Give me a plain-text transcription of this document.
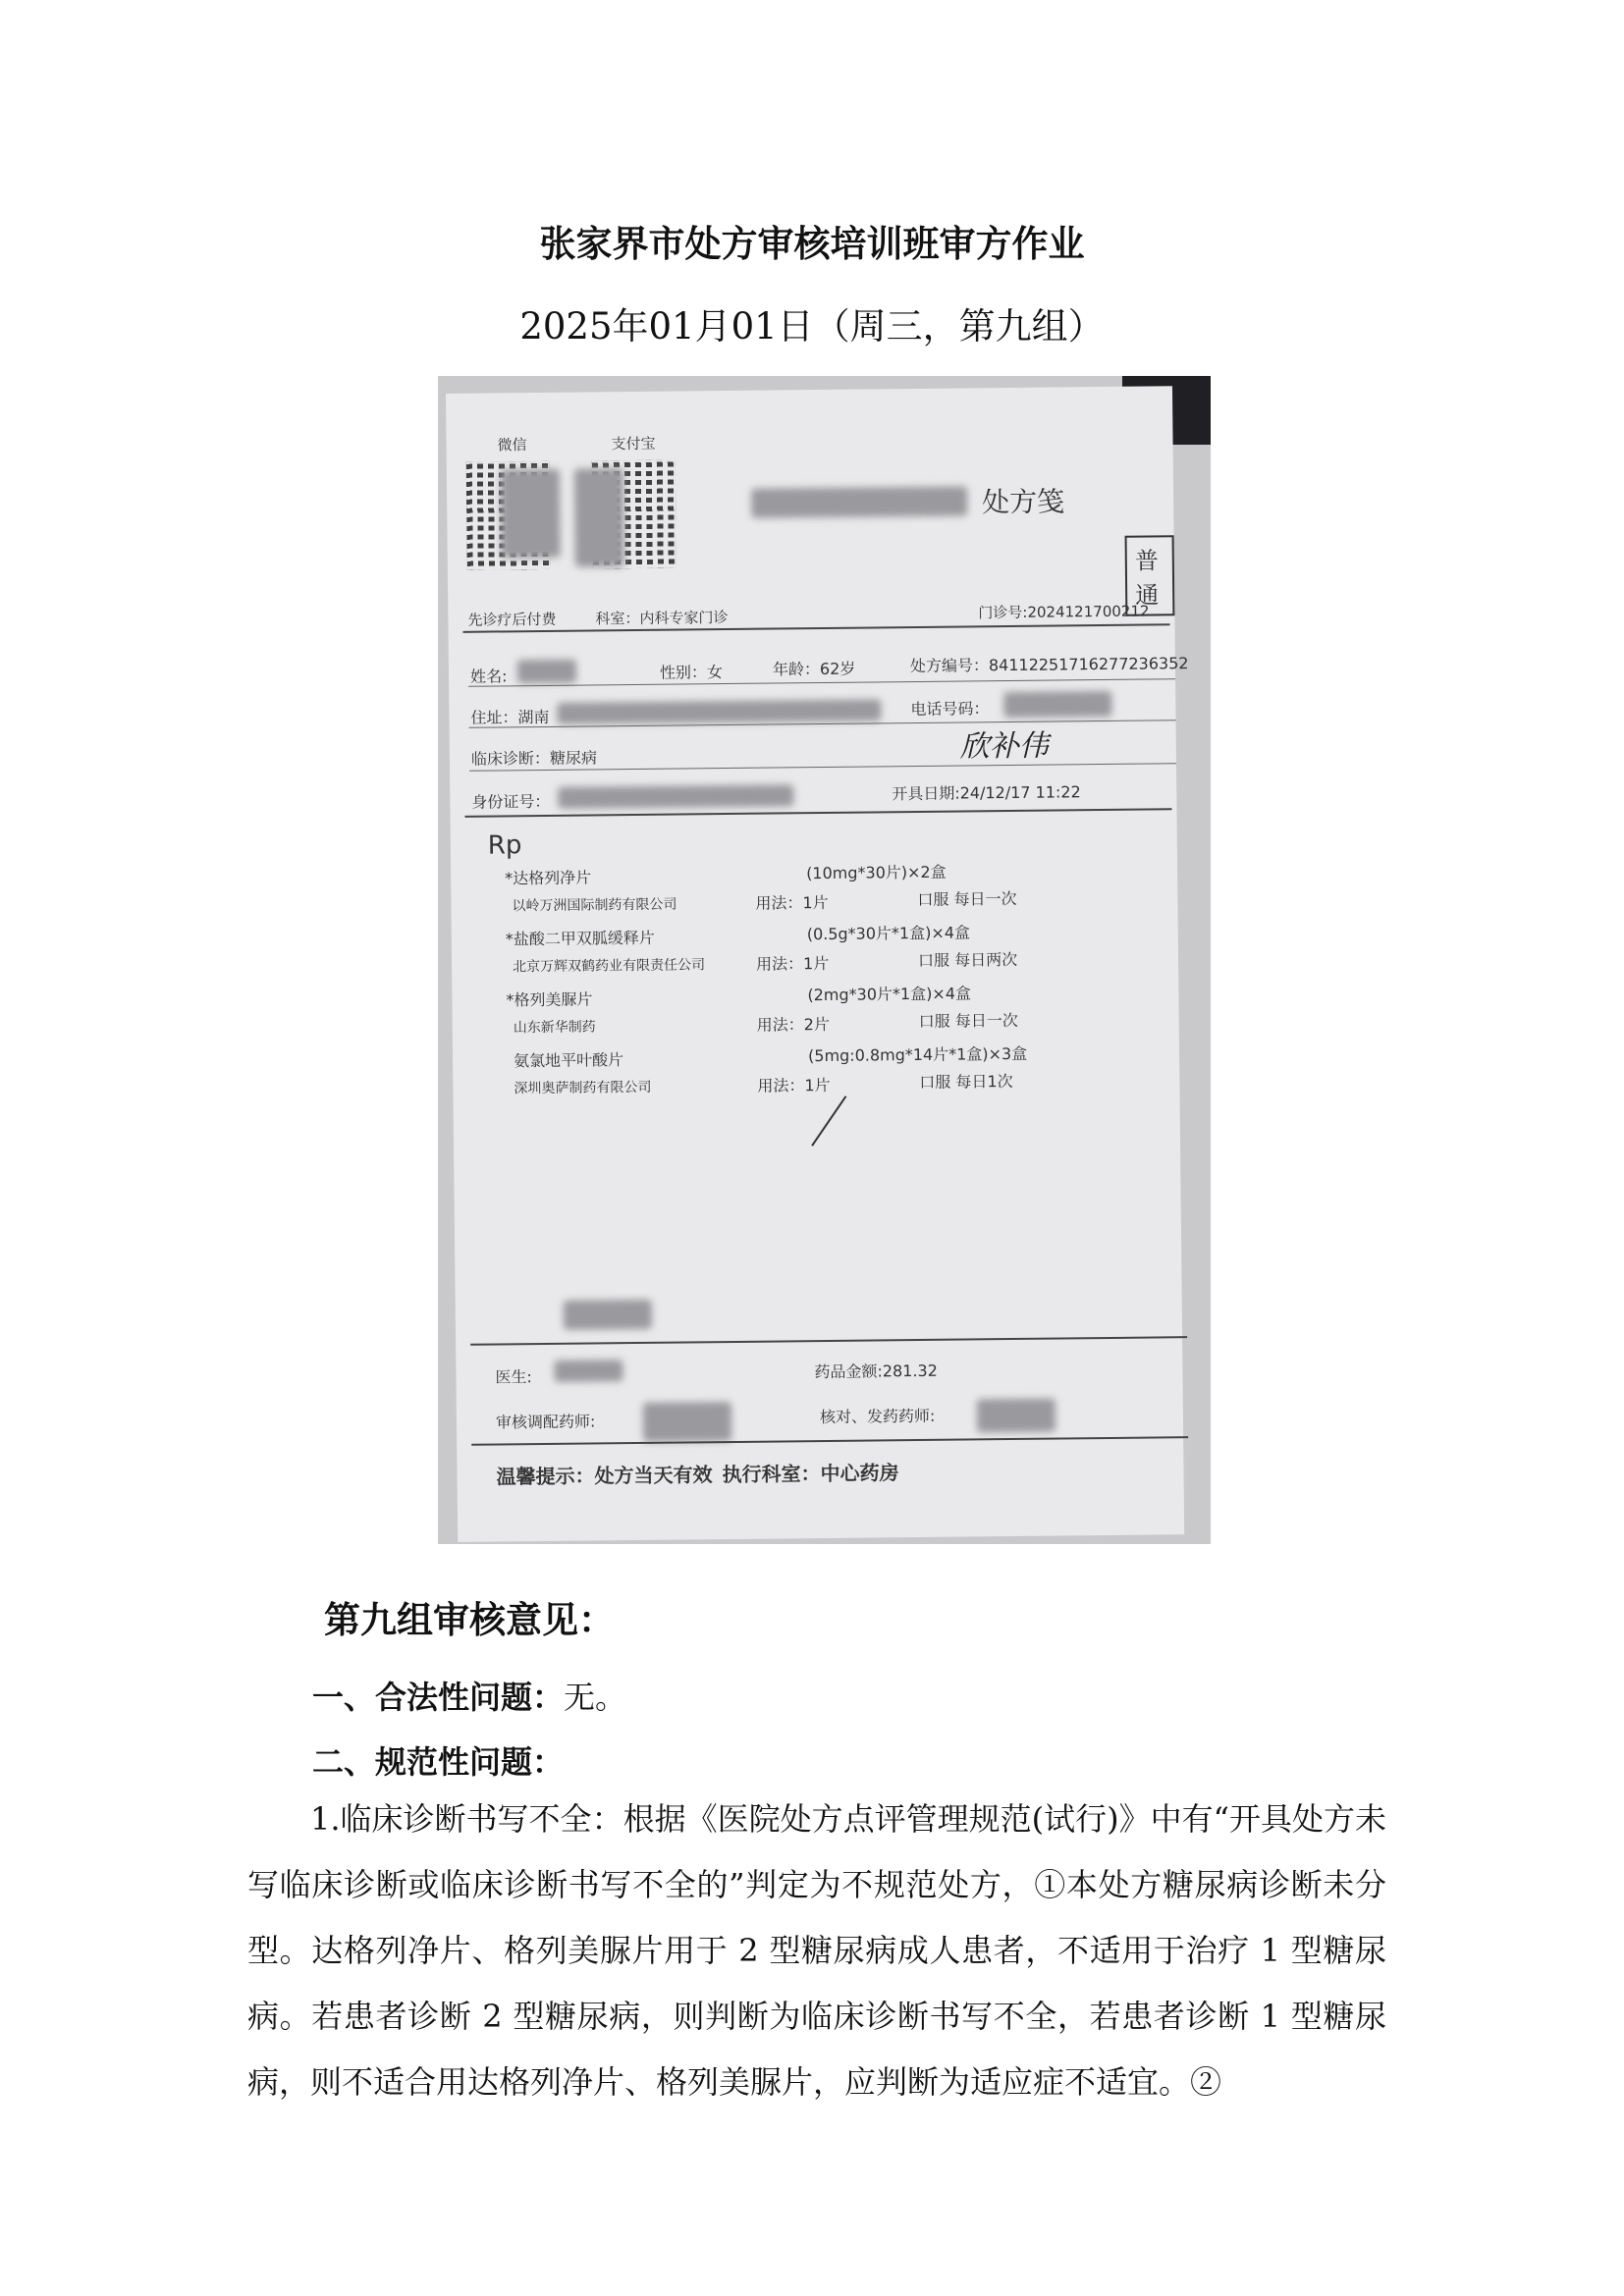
张家界市处方审核培训班审方作业
2025年01月01日（周三，第九组）
微信	支付宝
处方笺
普通
先诊疗后付费	科室：内科专家门诊	门诊号:2024121700212
姓名:	性别：女	年龄：62岁	处方编号：84112251716277236352
住址：湖南	电话号码：
临床诊断：糖尿病	欣补伟
身份证号：	开具日期:24/12/17 11:22
Rp
*达格列净片	(10mg*30片)×2盒
以岭万洲国际制药有限公司	用法：1片	口服 每日一次
*盐酸二甲双胍缓释片	(0.5g*30片*1盒)×4盒
北京万辉双鹤药业有限责任公司	用法：1片	口服 每日两次
*格列美脲片	(2mg*30片*1盒)×4盒
山东新华制药	用法：2片	口服 每日一次
氨氯地平叶酸片	(5mg:0.8mg*14片*1盒)×3盒
深圳奥萨制药有限公司	用法：1片	口服 每日1次
医生:	药品金额:281.32
审核调配药师:	核对、发药药师:
温馨提示：处方当天有效 执行科室：中心药房
第九组审核意见：
一、合法性问题：无。
二、规范性问题：
1.临床诊断书写不全：根据《医院处方点评管理规范(试行)》中有“开具处方未写临床诊断或临床诊断书写不全的”判定为不规范处方，①本处方糖尿病诊断未分型。达格列净片、格列美脲片用于 2 型糖尿病成人患者，不适用于治疗 1 型糖尿病。若患者诊断 2 型糖尿病，则判断为临床诊断书写不全，若患者诊断 1 型糖尿病，则不适合用达格列净片、格列美脲片，应判断为适应症不适宜。②
